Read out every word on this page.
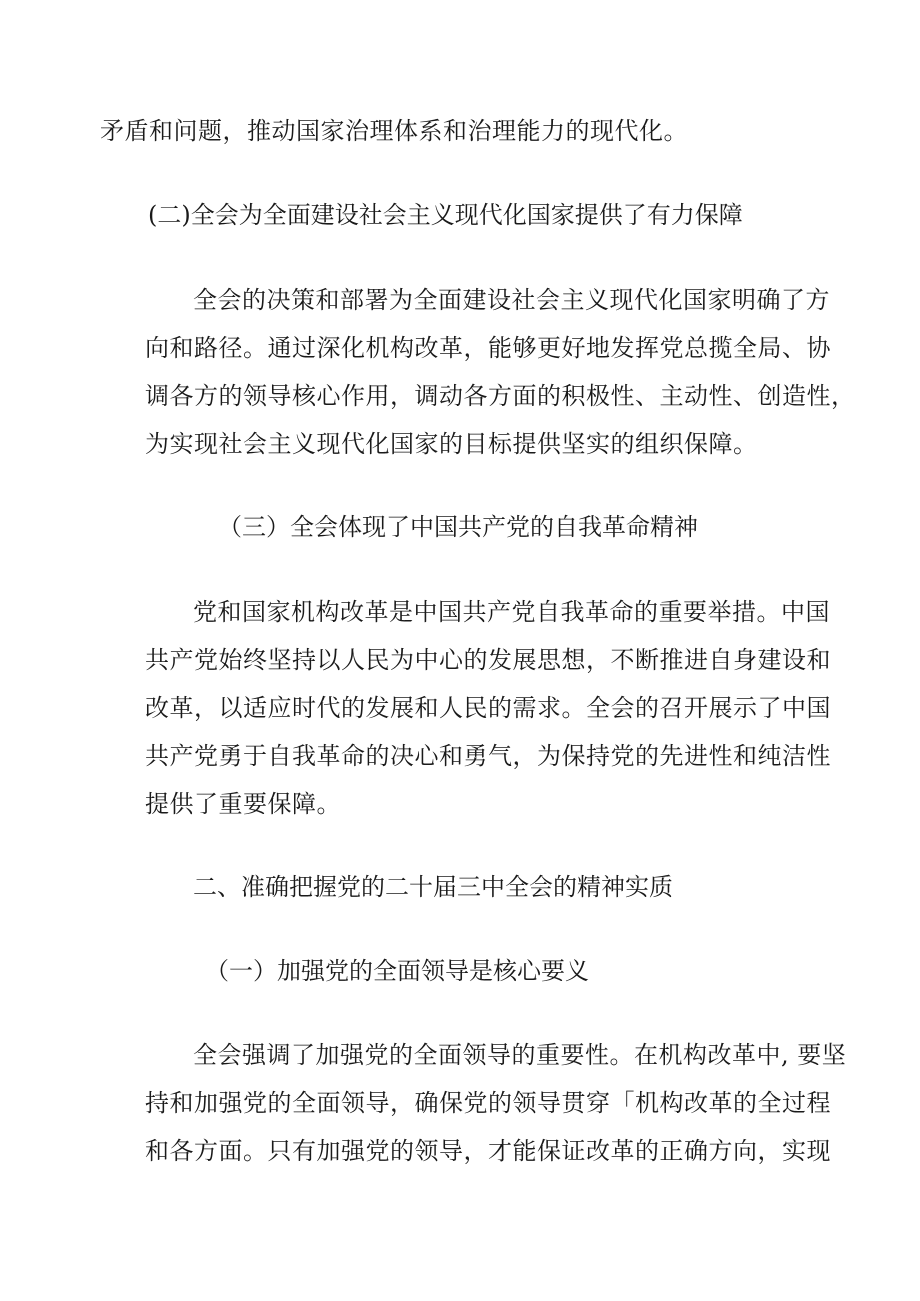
矛盾和问题，推动国家治理体系和治理能力的现代化。
(二)全会为全面建设社会主义现代化国家提供了有力保障
全会的决策和部署为全面建设社会主义现代化国家明确了方
向和路径。通过深化机构改革，能够更好地发挥党总揽全局、协
调各方的领导核心作用，调动各方面的积极性、主动性、创造性，
为实现社会主义现代化国家的目标提供坚实的组织保障。
（三）全会体现了中国共产党的自我革命精神
党和国家机构改革是中国共产党自我革命的重要举措。中国
共产党始终坚持以人民为中心的发展思想，不断推进自身建设和
改革，以适应时代的发展和人民的需求。全会的召开展示了中国
共产党勇于自我革命的决心和勇气，为保持党的先进性和纯洁性
提供了重要保障。
二、准确把握党的二十届三中全会的精神实质
（一）加强党的全面领导是核心要义
全会强调了加强党的全面领导的重要性。在机构改革中, 要坚
持和加强党的全面领导，确保党的领导贯穿「机构改革的全过程
和各方面。只有加强党的领导，才能保证改革的正确方向，实现
